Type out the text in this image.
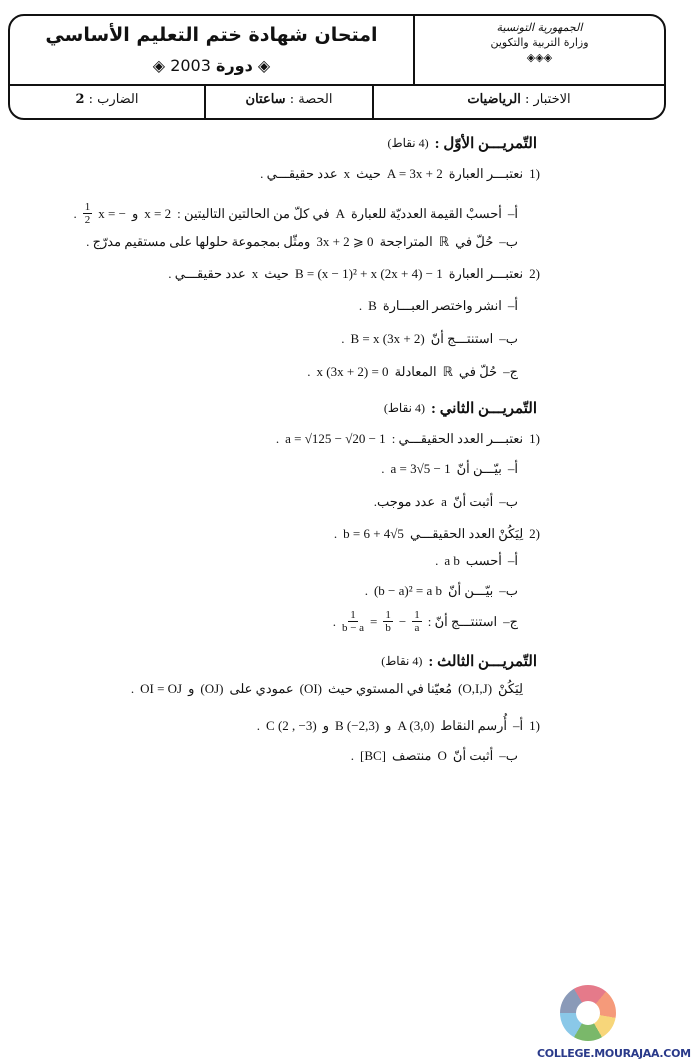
الجمهورية التونسية
وزارة التربية والتكوين
◈◈◈
امتحان شهادة ختم التعليم الأساسي
◈ دورة 2003 ◈
الاختبار : الرياضيات
الحصة : ساعتان
الضارب : 2
التّمريـــن الأوّل :
(4 نقاط)
1)
نعتبـــر العبارة
A = 3x + 2
حيث
x
عدد حقيقـــي .
أ–
أحسبْ القيمة العدديّة للعبارة
A
في كلّ من الحالتين التاليتين :
x = 2
و
x = −
$\frac{1}{2}$
.
ب–
حُلّ في
ℝ
المتراجحة
3x + 2 ⩾ 0
ومثّل بمجموعة حلولها على مستقيم مدرّج .
2)
نعتبـــر العبارة
B = (x − 1)² + x (2x + 4) − 1
حيث
x
عدد حقيقـــي .
أ–
انشر واختصر العبـــارة
B
.
ب–
استنتـــج أنّ
B = x (3x + 2)
.
ج–
حُلّ في
ℝ
المعادلة
x (3x + 2) = 0
.
التّمريـــن الثاني :
(4 نقاط)
1)
نعتبـــر العدد الحقيقـــي :
a = √125 − √20 − 1
.
أ–
بيّـــن أنّ
a = 3√5 − 1
.
ب–
أثبت أنّ
a
عدد موجب.
2)
لِيَكُنْ العدد الحقيقـــي
b = 6 + 4√5
.
أ–
أحسب
a b
.
ب–
بيّـــن أنّ
(b − a)² = a b
.
ج–
استنتـــج أنّ :
$\frac{1}{a}$
−
$\frac{1}{b}$
=
$\frac{1}{b - a}$
.
التّمريـــن الثالث :
(4 نقاط)
لِيَكُنْ
(O,I,J)
مُعيّنا في المستوي حيث
(OI)
عمودي على
(OJ)
و
OI = OJ
.
1)
أ–
أُرسم النقاط
A (3,0)
و
B (−2,3)
و
C (2 , −3)
.
ب–
أثبت أنّ
O
منتصف
[BC]
.
COLLEGE.MOURAJAA.COM
